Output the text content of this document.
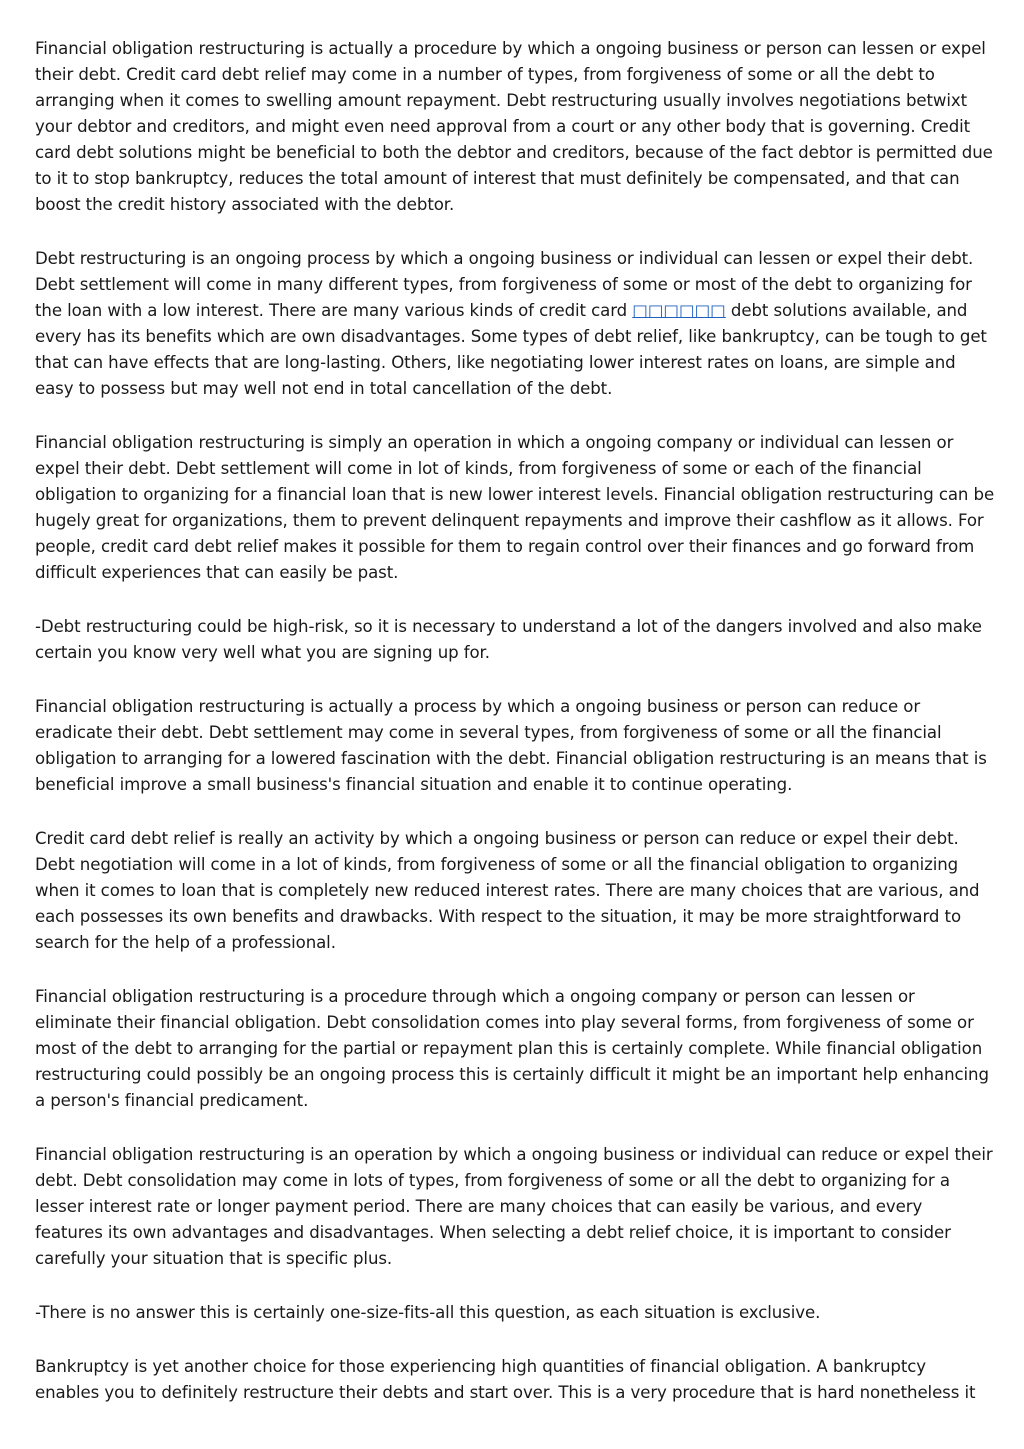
Financial obligation restructuring is actually a procedure by which a ongoing business or person can lessen or expel their debt. Credit card debt relief may come in a number of types, from forgiveness of some or all the debt to arranging when it comes to swelling amount repayment. Debt restructuring usually involves negotiations betwixt your debtor and creditors, and might even need approval from a court or any other body that is governing. Credit card debt solutions might be beneficial to both the debtor and creditors, because of the fact debtor is permitted due to it to stop bankruptcy, reduces the total amount of interest that must definitely be compensated, and that can boost the credit history associated with the debtor.

Debt restructuring is an ongoing process by which a ongoing business or individual can lessen or expel their debt. Debt settlement will come in many different types, from forgiveness of some or most of the debt to organizing for the loan with a low interest. There are many various kinds of credit card □□□□□□ debt solutions available, and every has its benefits which are own disadvantages. Some types of debt relief, like bankruptcy, can be tough to get that can have effects that are long-lasting. Others, like negotiating lower interest rates on loans, are simple and easy to possess but may well not end in total cancellation of the debt.

Financial obligation restructuring is simply an operation in which a ongoing company or individual can lessen or expel their debt. Debt settlement will come in lot of kinds, from forgiveness of some or each of the financial obligation to organizing for a financial loan that is new lower interest levels. Financial obligation restructuring can be hugely great for organizations, them to prevent delinquent repayments and improve their cashflow as it allows. For people, credit card debt relief makes it possible for them to regain control over their finances and go forward from difficult experiences that can easily be past.

-Debt restructuring could be high-risk, so it is necessary to understand a lot of the dangers involved and also make certain you know very well what you are signing up for.

Financial obligation restructuring is actually a process by which a ongoing business or person can reduce or eradicate their debt. Debt settlement may come in several types, from forgiveness of some or all the financial obligation to arranging for a lowered fascination with the debt. Financial obligation restructuring is an means that is beneficial improve a small business's financial situation and enable it to continue operating.

Credit card debt relief is really an activity by which a ongoing business or person can reduce or expel their debt. Debt negotiation will come in a lot of kinds, from forgiveness of some or all the financial obligation to organizing when it comes to loan that is completely new reduced interest rates. There are many choices that are various, and each possesses its own benefits and drawbacks. With respect to the situation, it may be more straightforward to search for the help of a professional.

Financial obligation restructuring is a procedure through which a ongoing company or person can lessen or eliminate their financial obligation. Debt consolidation comes into play several forms, from forgiveness of some or most of the debt to arranging for the partial or repayment plan this is certainly complete. While financial obligation restructuring could possibly be an ongoing process this is certainly difficult it might be an important help enhancing a person's financial predicament.

Financial obligation restructuring is an operation by which a ongoing business or individual can reduce or expel their debt. Debt consolidation may come in lots of types, from forgiveness of some or all the debt to organizing for a lesser interest rate or longer payment period. There are many choices that can easily be various, and every features its own advantages and disadvantages. When selecting a debt relief choice, it is important to consider carefully your situation that is specific plus.

-There is no answer this is certainly one-size-fits-all this question, as each situation is exclusive.

Bankruptcy is yet another choice for those experiencing high quantities of financial obligation. A bankruptcy enables you to definitely restructure their debts and start over. This is a very procedure that is hard nonetheless it
